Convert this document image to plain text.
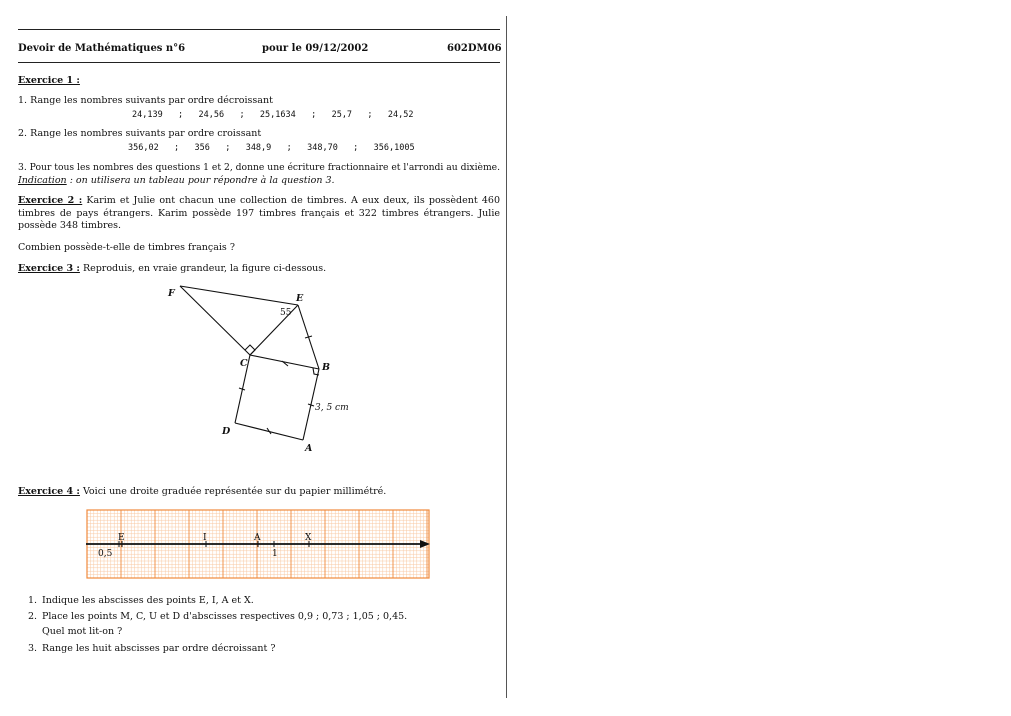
Devoir de Mathématiques n°6	pour le 09/12/2002	602DM06
Exercice 1 :
1. Range les nombres suivants par ordre décroissant
24,139   ;   24,56   ;   25,1634   ;   25,7   ;   24,52
2. Range les nombres suivants par ordre croissant
356,02   ;   356   ;   348,9   ;   348,70   ;   356,1005
3. Pour tous les nombres des questions 1 et 2, donne une écriture fractionnaire et l'arrondi au dixième.
Indication : on utilisera un tableau pour répondre à la question 3.
Exercice 2 : Karim et Julie ont chacun une collection de timbres. A eux deux, ils possèdent 460 timbres de pays étrangers. Karim possède 197 timbres français et 322 timbres étrangers. Julie possède 348 timbres.
Combien possède-t-elle de timbres français ?
Exercice 3 : Reproduis, en vraie grandeur, la figure ci-dessous.
F	E
C	B
D
A
55
3, 5 cm
Exercice 4 : Voici une droite graduée représentée sur du papier millimétré.
E	I	A	X
0,5	1
1. Indique les abscisses des points E, I, A et X.
2. Place les points M, C, U et D d'abscisses respectives 0,9 ; 0,73 ; 1,05 ; 0,45.
Quel mot lit-on ?
3. Range les huit abscisses par ordre décroissant ?
